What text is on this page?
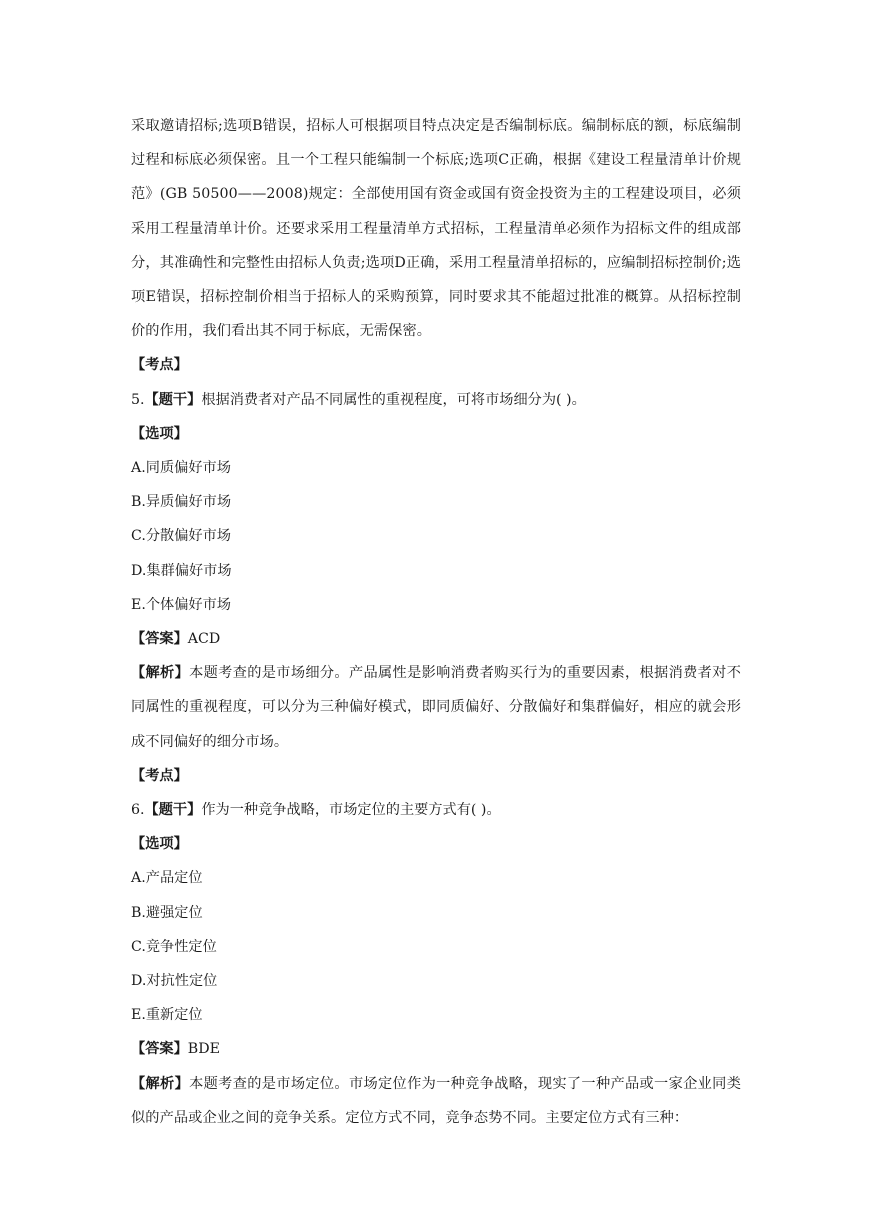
采取邀请招标;选项B错误，招标人可根据项目特点决定是否编制标底。编制标底的额，标底编制过程和标底必须保密。且一个工程只能编制一个标底;选项C正确，根据《建设工程量清单计价规范》(GB 50500——2008)规定：全部使用国有资金或国有资金投资为主的工程建设项目，必须采用工程量清单计价。还要求采用工程量清单方式招标，工程量清单必须作为招标文件的组成部分，其准确性和完整性由招标人负责;选项D正确，采用工程量清单招标的，应编制招标控制价;选项E错误，招标控制价相当于招标人的采购预算，同时要求其不能超过批准的概算。从招标控制价的作用，我们看出其不同于标底，无需保密。

【考点】
5.【题干】根据消费者对产品不同属性的重视程度，可将市场细分为( )。
【选项】
A.同质偏好市场
B.异质偏好市场
C.分散偏好市场
D.集群偏好市场
E.个体偏好市场
【答案】ACD

【解析】本题考查的是市场细分。产品属性是影响消费者购买行为的重要因素，根据消费者对不同属性的重视程度，可以分为三种偏好模式，即同质偏好、分散偏好和集群偏好，相应的就会形成不同偏好的细分市场。

【考点】
6.【题干】作为一种竞争战略，市场定位的主要方式有( )。
【选项】
A.产品定位
B.避强定位
C.竞争性定位
D.对抗性定位
E.重新定位
【答案】BDE

【解析】本题考查的是市场定位。市场定位作为一种竞争战略，现实了一种产品或一家企业同类似的产品或企业之间的竞争关系。定位方式不同，竞争态势不同。主要定位方式有三种：
